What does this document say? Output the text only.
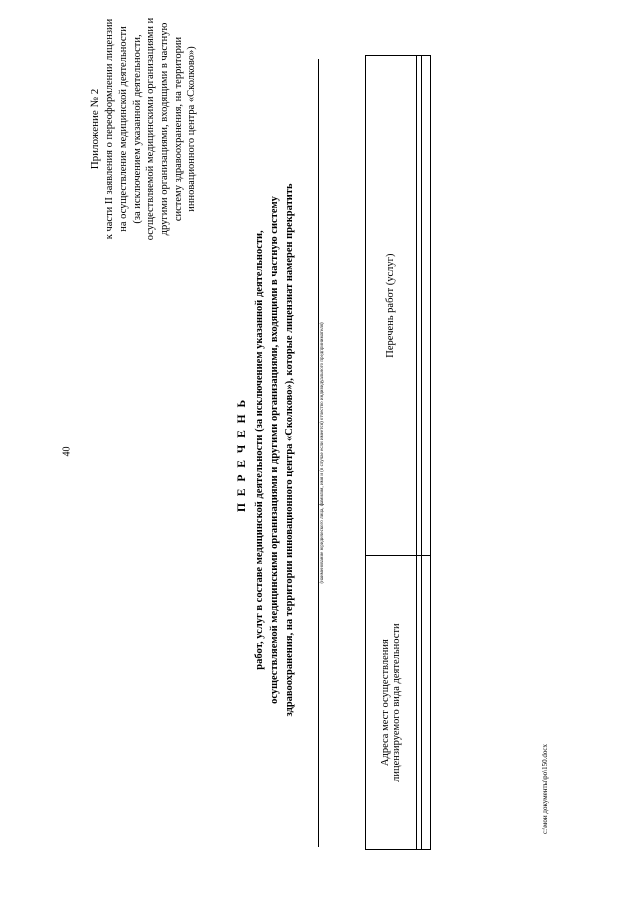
40
c:\мои документы\ро\150.docx
Приложение № 2 к части II заявления о переоформлении лицензии на осуществление медицинской деятельности (за исключением указанной деятельности, осуществляемой медицинскими организациями и другими организациями, входящими в частную систему здравоохранения, на территории инновационного центра «Сколково»)
П Е Р Е Ч Е Н Ь работ, услуг в составе медицинской деятельности (за исключением указанной деятельности, осуществляемой медицинскими организациями и другими организациями, входящими в частную систему здравоохранения, на территории инновационного центра «Сколково»), которые лицензиат намерен прекратить	(наименование юридического лица, фамилия, имя и (в случае если имеется) отчество индивидуального предпринимателя)
Адреса мест осуществления лицензируемого вида деятельности	Перечень работ (услуг)
